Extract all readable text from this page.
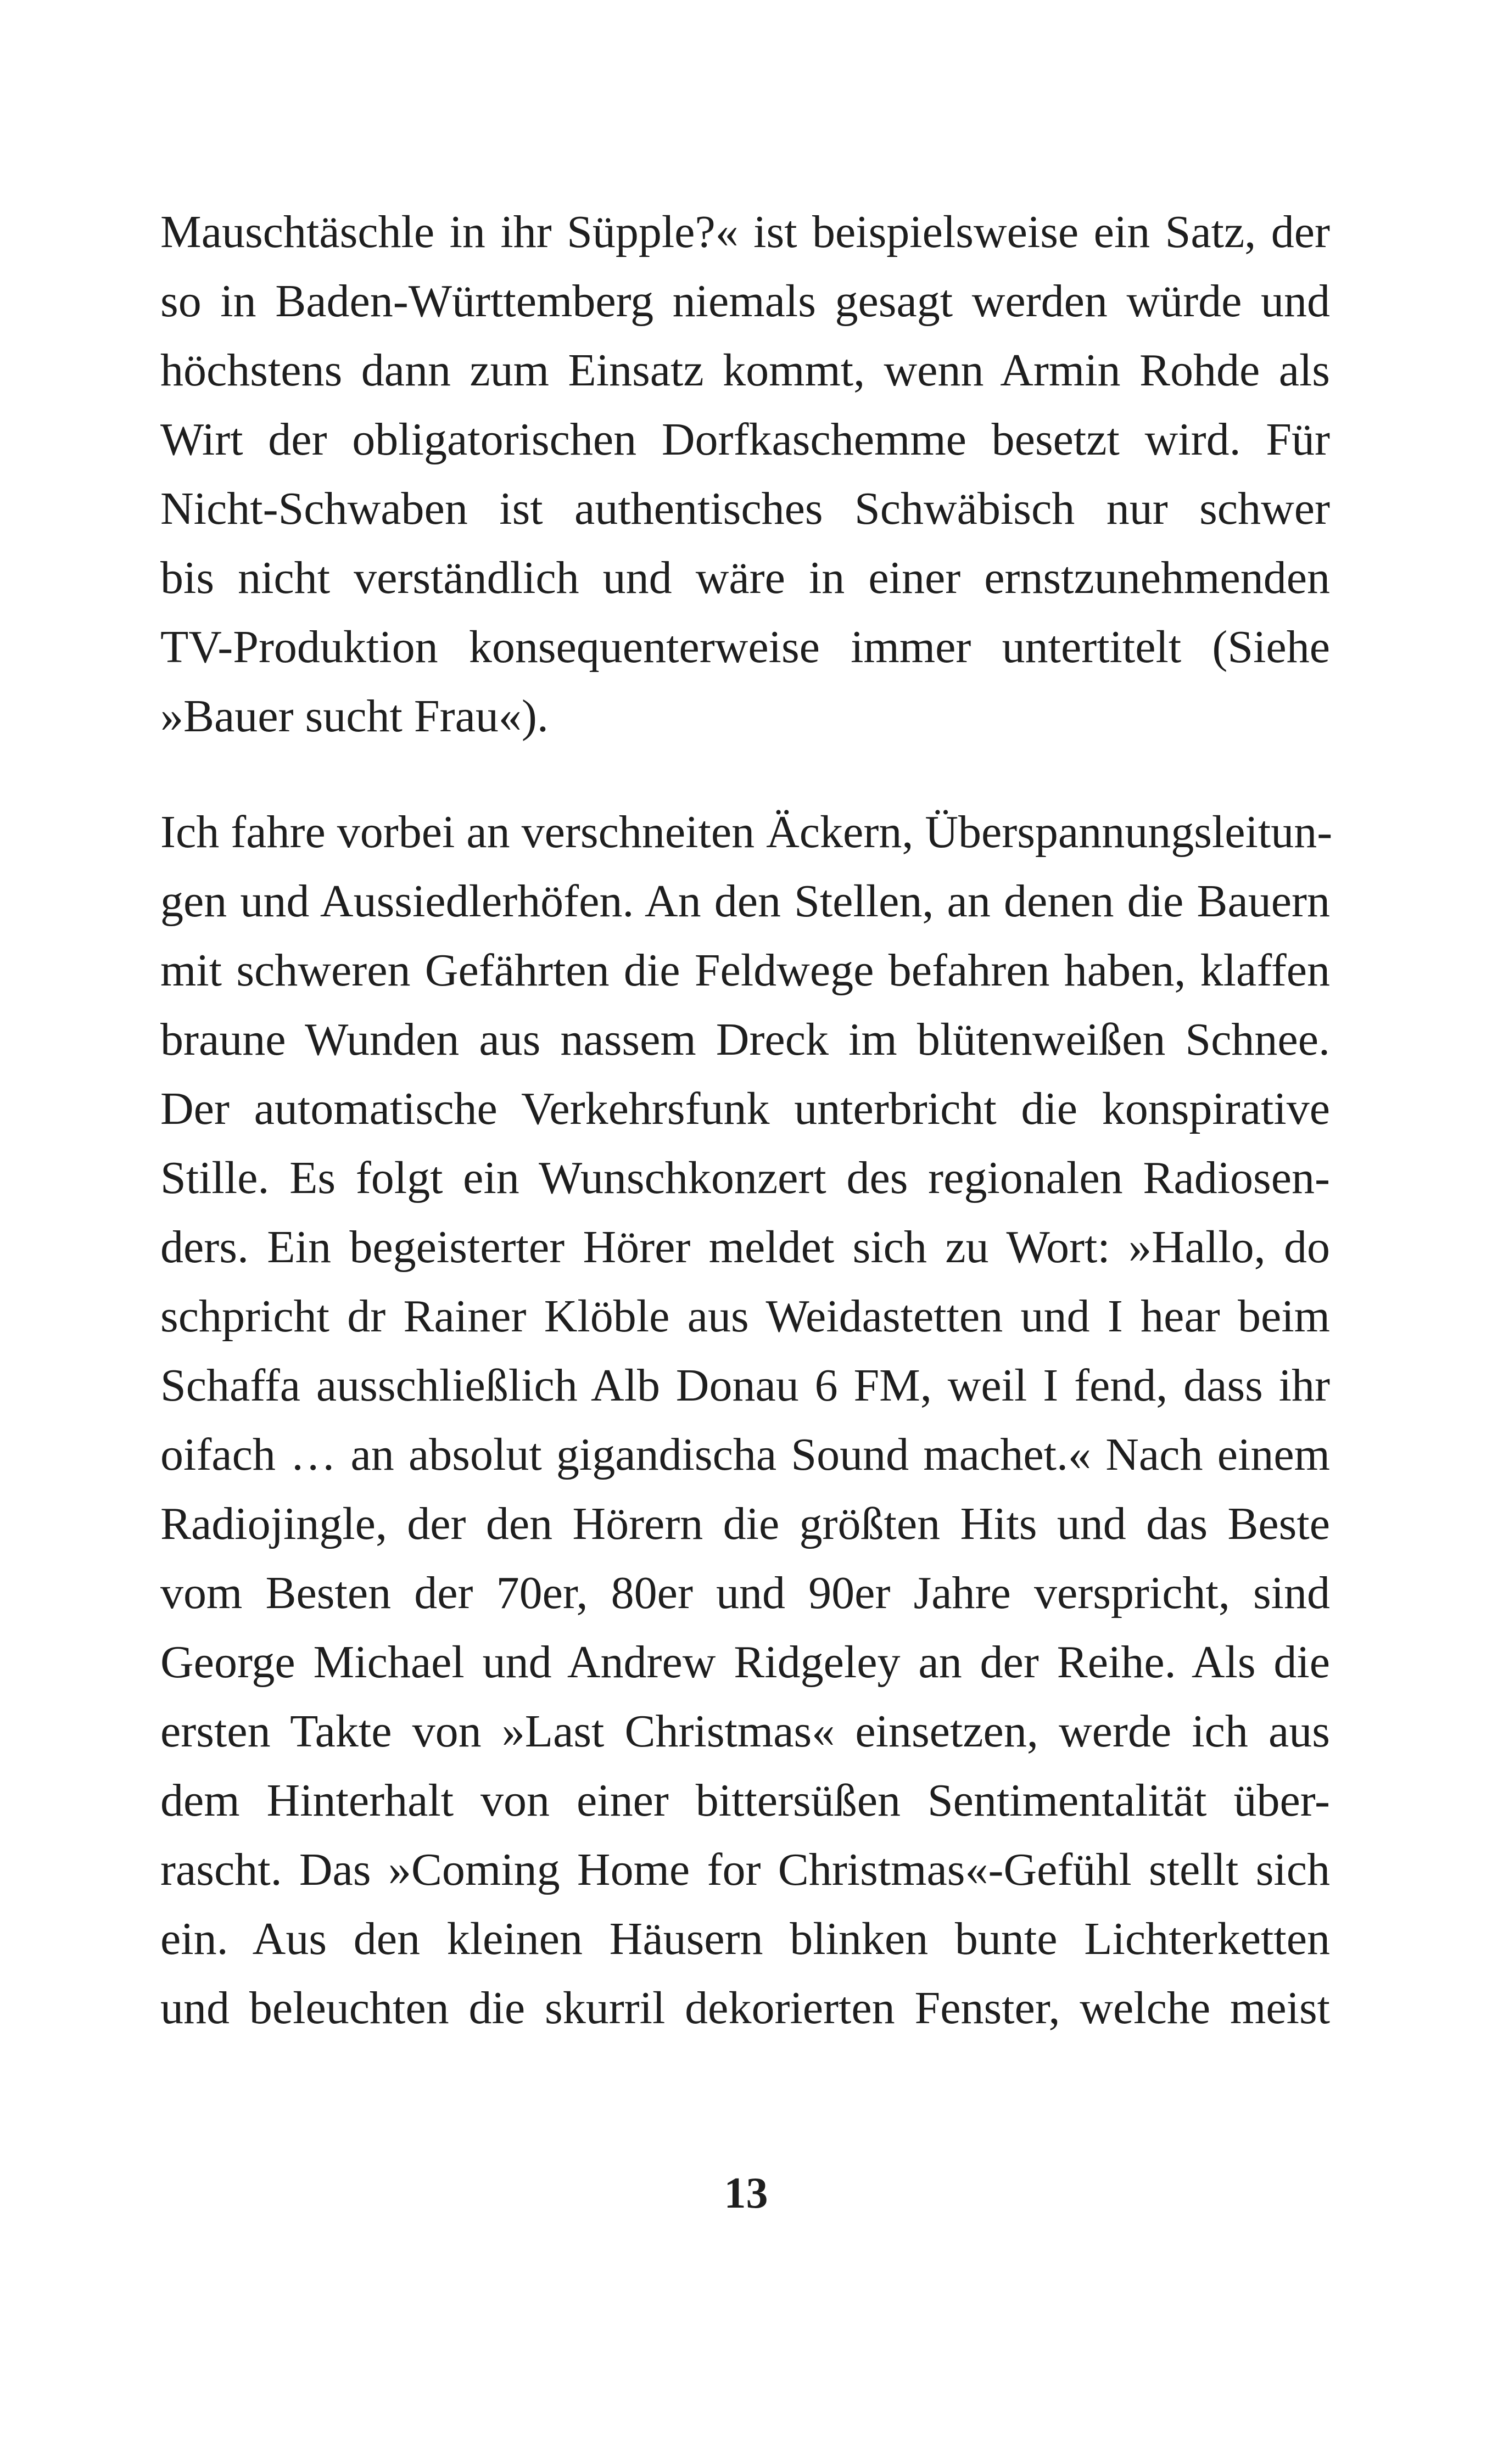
Mauschtäschle in ihr Süpple?« ist beispielsweise ein Satz, der
so in Baden-Württemberg niemals gesagt werden würde und
höchstens dann zum Einsatz kommt, wenn Armin Rohde als
Wirt der obligatorischen Dorfkaschemme besetzt wird. Für
Nicht-Schwaben ist authentisches Schwäbisch nur schwer
bis nicht verständlich und wäre in einer ernstzunehmenden
TV-Produktion konsequenterweise immer untertitelt (Siehe
»Bauer sucht Frau«).
Ich fahre vorbei an verschneiten Äckern, Überspannungsleitun-
gen und Aussiedlerhöfen. An den Stellen, an denen die Bauern
mit schweren Gefährten die Feldwege befahren haben, klaffen
braune Wunden aus nassem Dreck im blütenweißen Schnee.
Der automatische Verkehrsfunk unterbricht die konspirative
Stille. Es folgt ein Wunschkonzert des regionalen Radiosen-
ders. Ein begeisterter Hörer meldet sich zu Wort: »Hallo, do
schpricht dr Rainer Klöble aus Weidastetten und I hear beim
Schaffa ausschließlich Alb Donau 6 FM, weil I fend, dass ihr
oifach … an absolut gigandischa Sound machet.« Nach einem
Radiojingle, der den Hörern die größten Hits und das Beste
vom Besten der 70er, 80er und 90er Jahre verspricht, sind
George Michael und Andrew Ridgeley an der Reihe. Als die
ersten Takte von »Last Christmas« einsetzen, werde ich aus
dem Hinterhalt von einer bittersüßen Sentimentalität über-
rascht. Das »Coming Home for Christmas«-Gefühl stellt sich
ein. Aus den kleinen Häusern blinken bunte Lichterketten
und beleuchten die skurril dekorierten Fenster, welche meist
13
